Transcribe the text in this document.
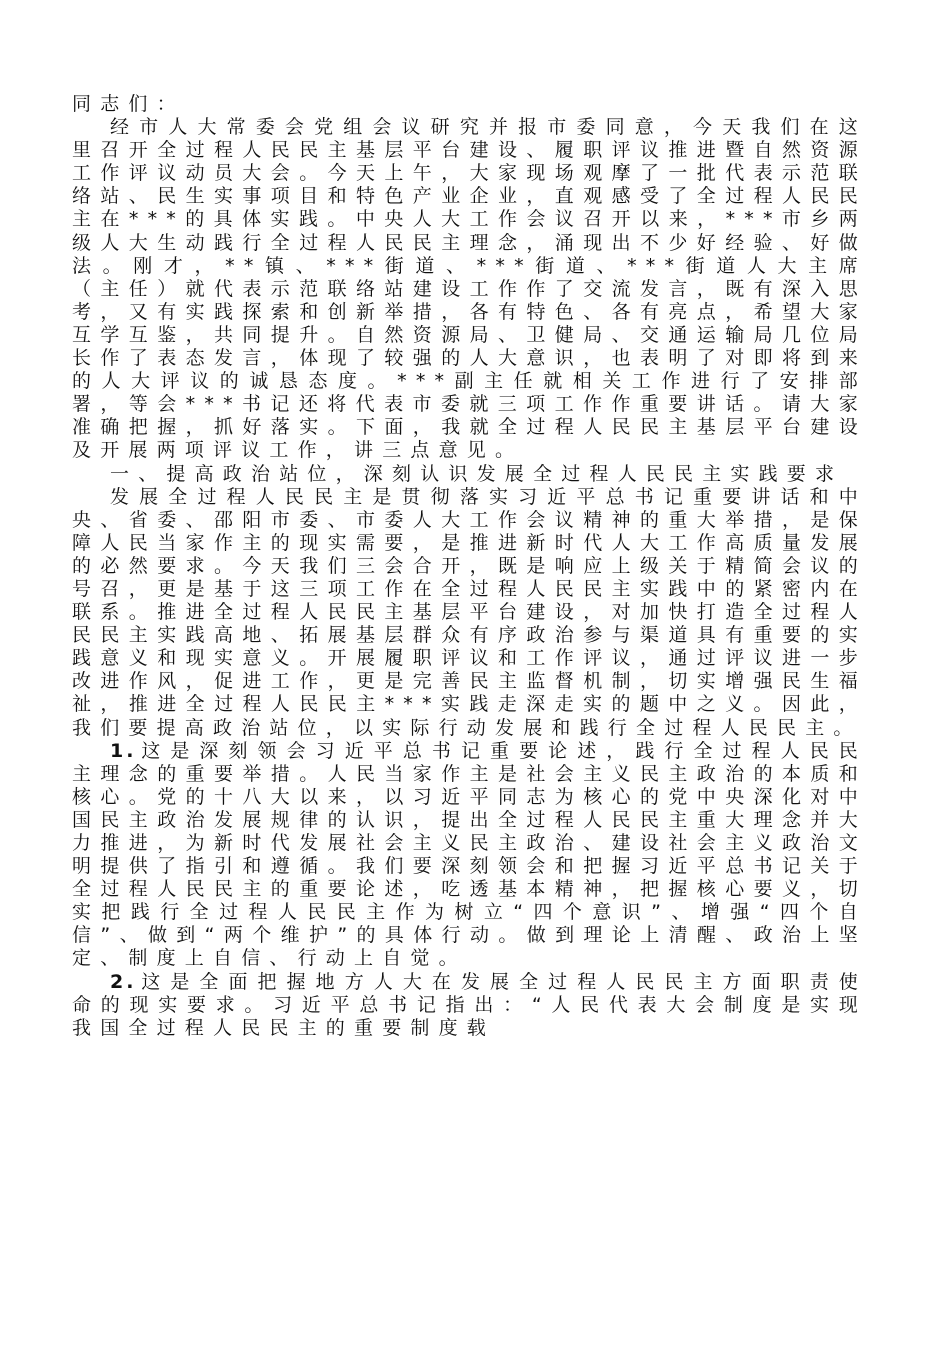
同志们：

经市人大常委会党组会议研究并报市委同意，今天我们在这里召开全过程人民民主基层平台建设、履职评议推进暨自然资源工作评议动员大会。今天上午，大家现场观摩了一批代表示范联络站、民生实事项目和特色产业企业，直观感受了全过程人民民主在***的具体实践。中央人大工作会议召开以来，***市乡两级人大生动践行全过程人民民主理念，涌现出不少好经验、好做法。刚才，**镇、***街道、***街道、***街道人大主席（主任）就代表示范联络站建设工作作了交流发言，既有深入思考，又有实践探索和创新举措，各有特色、各有亮点，希望大家互学互鉴，共同提升。自然资源局、卫健局、交通运输局几位局长作了表态发言，体现了较强的人大意识，也表明了对即将到来的人大评议的诚恳态度。***副主任就相关工作进行了安排部署，等会***书记还将代表市委就三项工作作重要讲话。请大家准确把握，抓好落实。下面，我就全过程人民民主基层平台建设及开展两项评议工作，讲三点意见。

一、提高政治站位，深刻认识发展全过程人民民主实践要求

发展全过程人民民主是贯彻落实习近平总书记重要讲话和中央、省委、邵阳市委、市委人大工作会议精神的重大举措，是保障人民当家作主的现实需要，是推进新时代人大工作高质量发展的必然要求。今天我们三会合开，既是响应上级关于精简会议的号召，更是基于这三项工作在全过程人民民主实践中的紧密内在联系。推进全过程人民民主基层平台建设，对加快打造全过程人民民主实践高地、拓展基层群众有序政治参与渠道具有重要的实践意义和现实意义。开展履职评议和工作评议，通过评议进一步改进作风，促进工作，更是完善民主监督机制，切实增强民生福祉，推进全过程人民民主***实践走深走实的题中之义。因此，我们要提高政治站位，以实际行动发展和践行全过程人民民主。

1. 这是深刻领会习近平总书记重要论述，践行全过程人民民主理念的重要举措。人民当家作主是社会主义民主政治的本质和核心。党的十八大以来，以习近平同志为核心的党中央深化对中国民主政治发展规律的认识，提出全过程人民民主重大理念并大力推进，为新时代发展社会主义民主政治、建设社会主义政治文明提供了指引和遵循。我们要深刻领会和把握习近平总书记关于全过程人民民主的重要论述，吃透基本精神，把握核心要义，切实把践行全过程人民民主作为树立“四个意识”、增强“四个自信”、做到“两个维护”的具体行动。做到理论上清醒、政治上坚定、制度上自信、行动上自觉。

2. 这是全面把握地方人大在发展全过程人民民主方面职责使命的现实要求。习近平总书记指出：“人民代表大会制度是实现我国全过程人民民主的重要制度载
